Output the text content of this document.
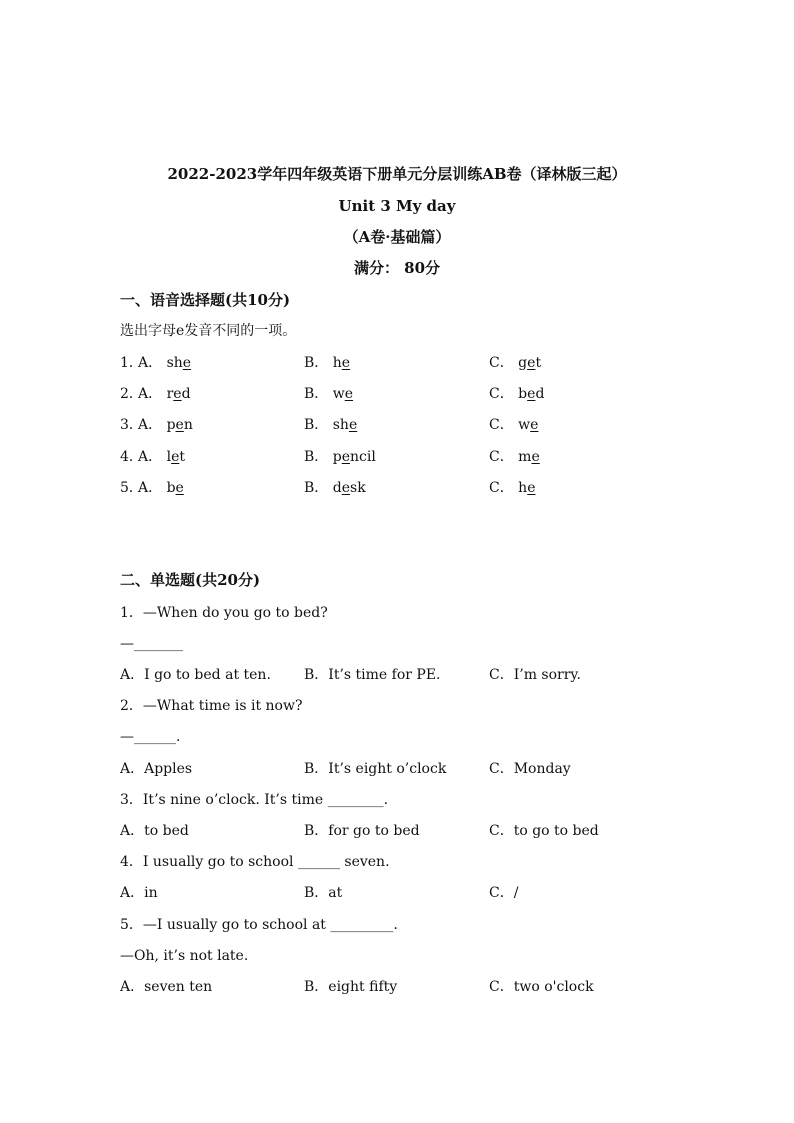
2022-2023学年四年级英语下册单元分层训练AB卷（译林版三起）
Unit 3 My day
（A卷·基础篇）
满分： 80分
一、语音选择题(共10分)
选出字母e发音不同的一项。
1．
A． she	B． he	C． get
2．
A． red	B． we	C． bed
3．
A． pen	B． she	C． we
4．
A． let	B． pencil	C． me
5．
A． be	B． desk	C． he
二、单选题(共20分)
1．—When do you go to bed?
—_______
A．I go to bed at ten. B．It’s time for PE.	C．I’m sorry.
2．—What time is it now?
—______.
A．Apples	B．It’s eight o’clock	C．Monday
3．It’s nine o’clock. It’s time ________.
A．to bed	B．for go to bed	C．to go to bed
4．I usually go to school ______ seven.
A．in	B．at	C．/
5．—I usually go to school at _________.
—Oh, it’s not late.
A．seven ten	B．eight fifty	C．two o'clock
